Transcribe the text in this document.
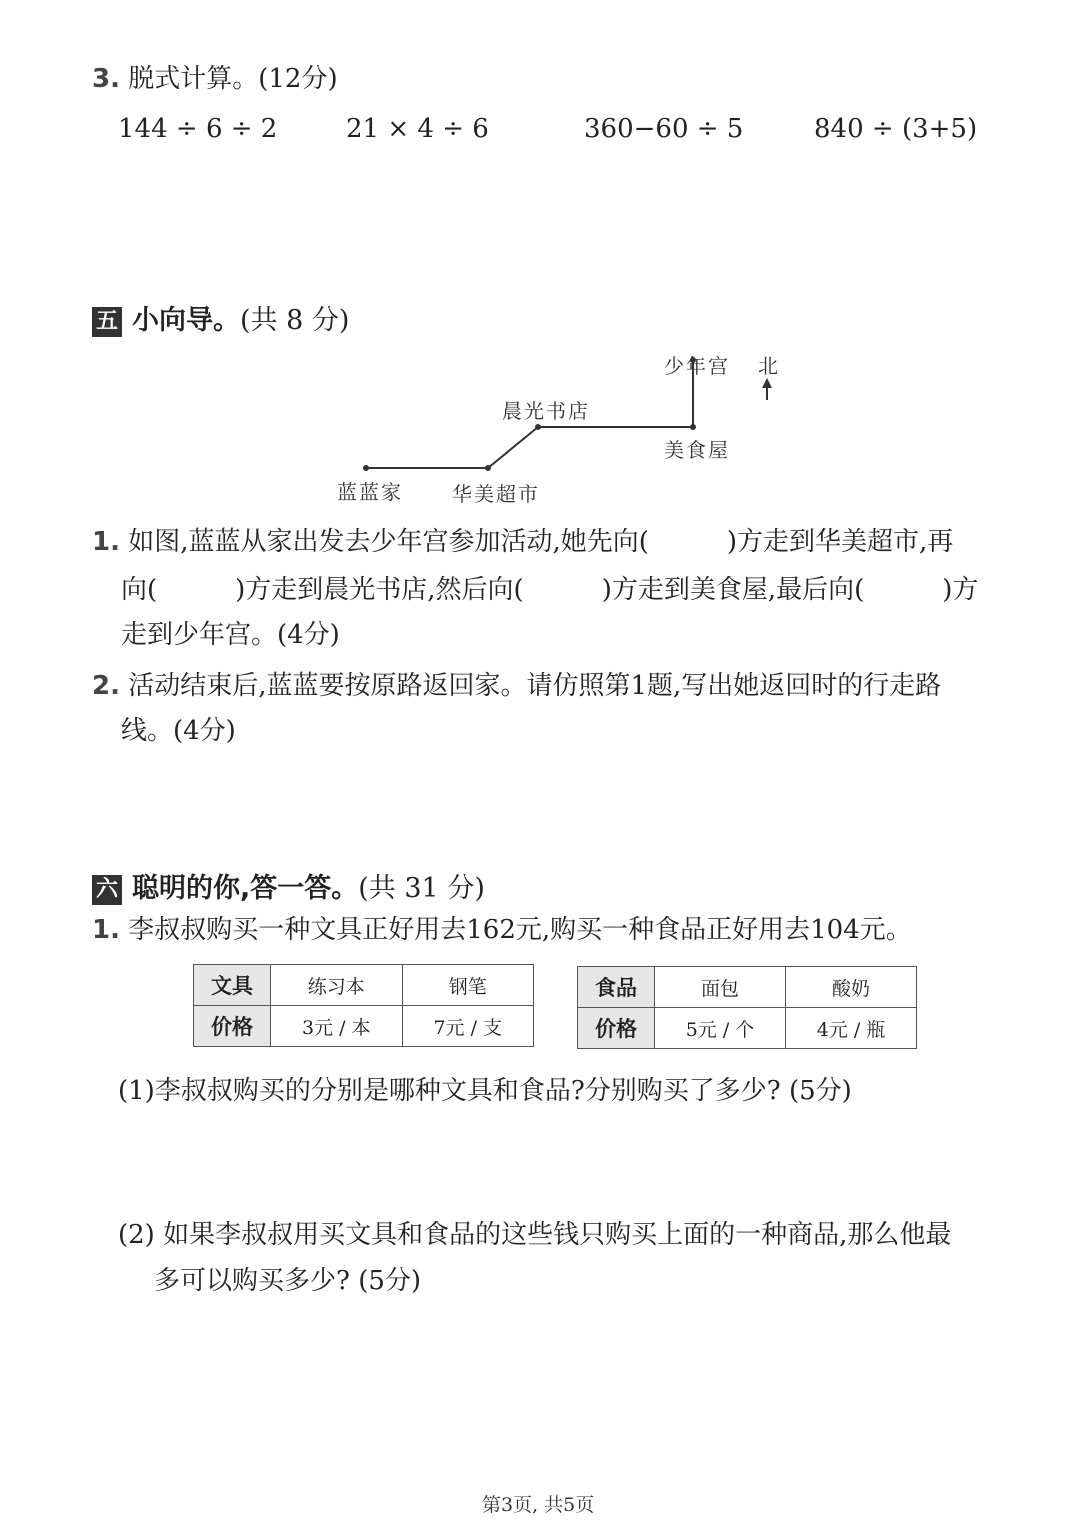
3. 脱式计算。(12分)
144 ÷ 6 ÷ 2	21 × 4 ÷ 6	360−60 ÷ 5	840 ÷ (3+5)
五 小向导。(共 8 分)
蓝蓝家 华美超市
晨光书店
美食屋
少年宫 北
1. 如图,蓝蓝从家出发去少年宫参加活动,她先向(　　　)方走到华美超市,再
向(　　　)方走到晨光书店,然后向(　　　)方走到美食屋,最后向(　　　)方
走到少年宫。(4分)
2. 活动结束后,蓝蓝要按原路返回家。请仿照第1题,写出她返回时的行走路
线。(4分)
六 聪明的你,答一答。(共 31 分)
1. 李叔叔购买一种文具正好用去162元,购买一种食品正好用去104元。
文具	练习本	钢笔
价格	3元 / 本	7元 / 支
食品	面包	酸奶
价格	5元 / 个	4元 / 瓶
(1)李叔叔购买的分别是哪种文具和食品?分别购买了多少? (5分)
(2) 如果李叔叔用买文具和食品的这些钱只购买上面的一种商品,那么他最
多可以购买多少? (5分)
第3页, 共5页
